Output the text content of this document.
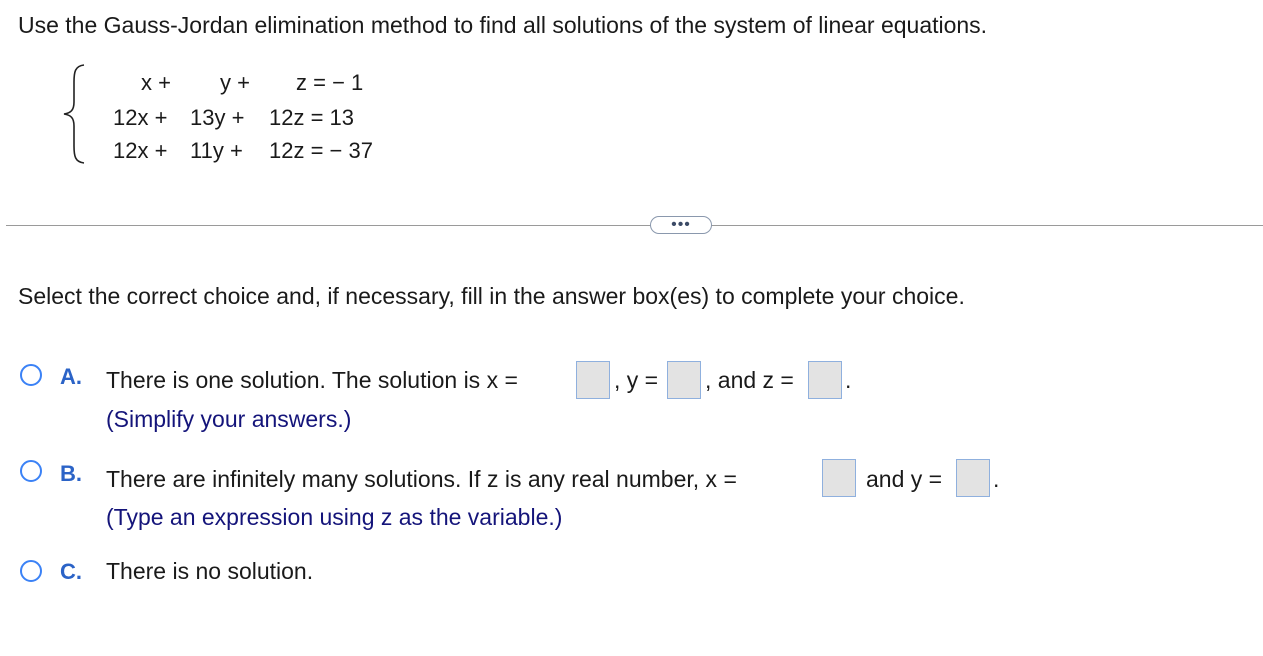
Use the Gauss-Jordan elimination method to find all solutions of the system of linear equations.
x + y + z = − 1
12x + 13y + 12z = 13
12x + 11y + 12z = − 37
•••
Select the correct choice and, if necessary, fill in the answer box(es) to complete your choice.
A. There is one solution. The solution is x =	, y = , and z = .
(Simplify your answers.)
B. There are infinitely many solutions. If z is any real number, x =	and y = .
(Type an expression using z as the variable.)
C. There is no solution.
